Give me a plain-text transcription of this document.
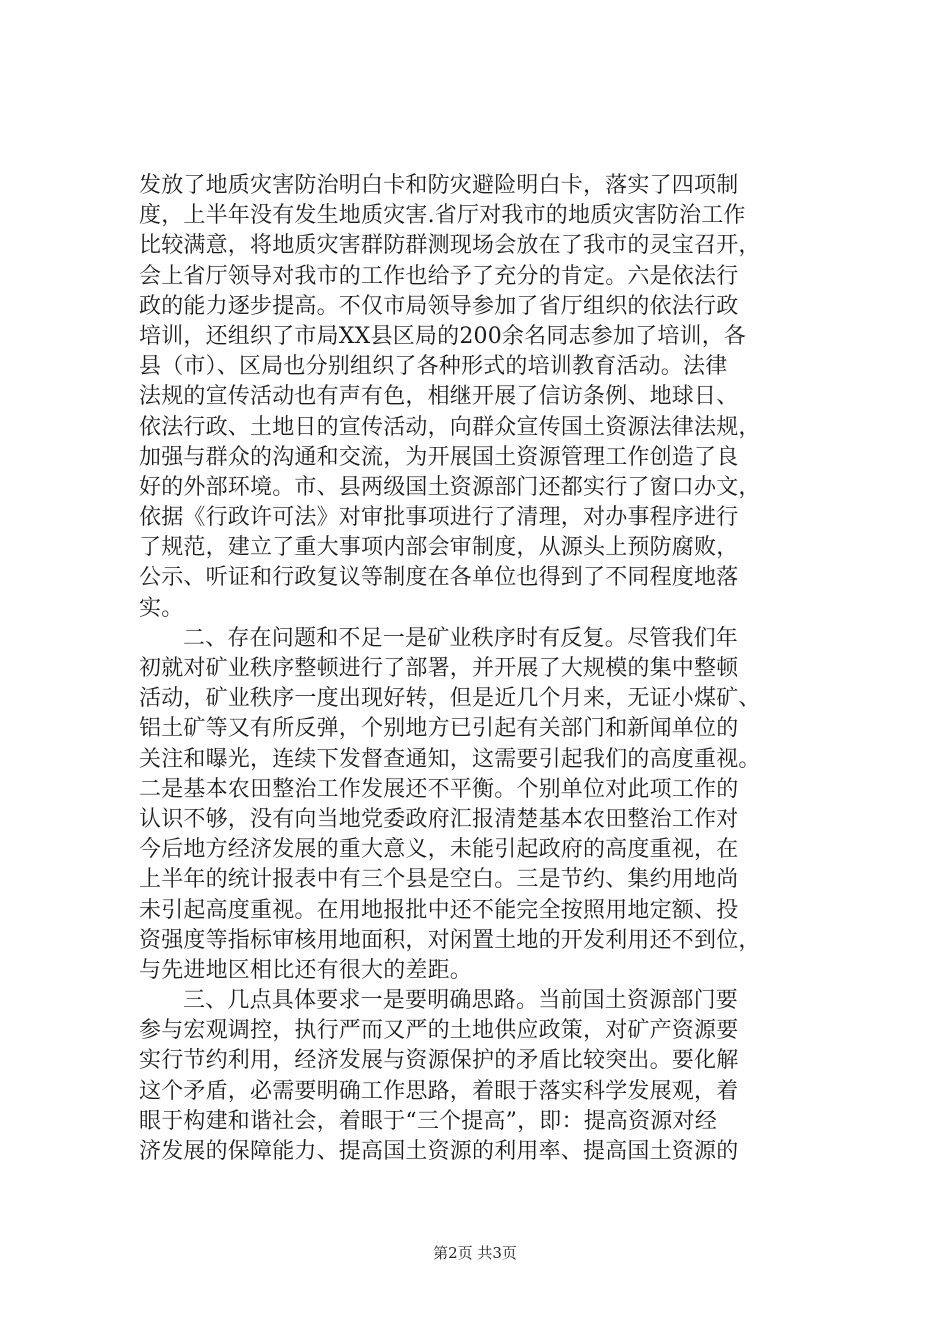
发放了地质灾害防治明白卡和防灾避险明白卡，落实了四项制
度，上半年没有发生地质灾害.省厅对我市的地质灾害防治工作
比较满意，将地质灾害群防群测现场会放在了我市的灵宝召开，
会上省厅领导对我市的工作也给予了充分的肯定。六是依法行
政的能力逐步提高。不仅市局领导参加了省厅组织的依法行政
培训，还组织了市局XX县区局的200余名同志参加了培训，各
县（市）、区局也分别组织了各种形式的培训教育活动。法律
法规的宣传活动也有声有色，相继开展了信访条例、地球日、
依法行政、土地日的宣传活动，向群众宣传国土资源法律法规，
加强与群众的沟通和交流，为开展国土资源管理工作创造了良
好的外部环境。市、县两级国土资源部门还都实行了窗口办文，
依据《行政许可法》对审批事项进行了清理，对办事程序进行
了规范，建立了重大事项内部会审制度，从源头上预防腐败，
公示、听证和行政复议等制度在各单位也得到了不同程度地落
实。
二、存在问题和不足一是矿业秩序时有反复。尽管我们年
初就对矿业秩序整顿进行了部署，并开展了大规模的集中整顿
活动，矿业秩序一度出现好转，但是近几个月来，无证小煤矿、
铝土矿等又有所反弹，个别地方已引起有关部门和新闻单位的
关注和曝光，连续下发督查通知，这需要引起我们的高度重视。
二是基本农田整治工作发展还不平衡。个别单位对此项工作的
认识不够，没有向当地党委政府汇报清楚基本农田整治工作对
今后地方经济发展的重大意义，未能引起政府的高度重视，在
上半年的统计报表中有三个县是空白。三是节约、集约用地尚
未引起高度重视。在用地报批中还不能完全按照用地定额、投
资强度等指标审核用地面积，对闲置土地的开发利用还不到位，
与先进地区相比还有很大的差距。
三、几点具体要求一是要明确思路。当前国土资源部门要
参与宏观调控，执行严而又严的土地供应政策，对矿产资源要
实行节约利用，经济发展与资源保护的矛盾比较突出。要化解
这个矛盾，必需要明确工作思路，着眼于落实科学发展观，着
眼于构建和谐社会，着眼于“三个提高”，即：提高资源对经
济发展的保障能力、提高国土资源的利用率、提高国土资源的
第2页 共3页
